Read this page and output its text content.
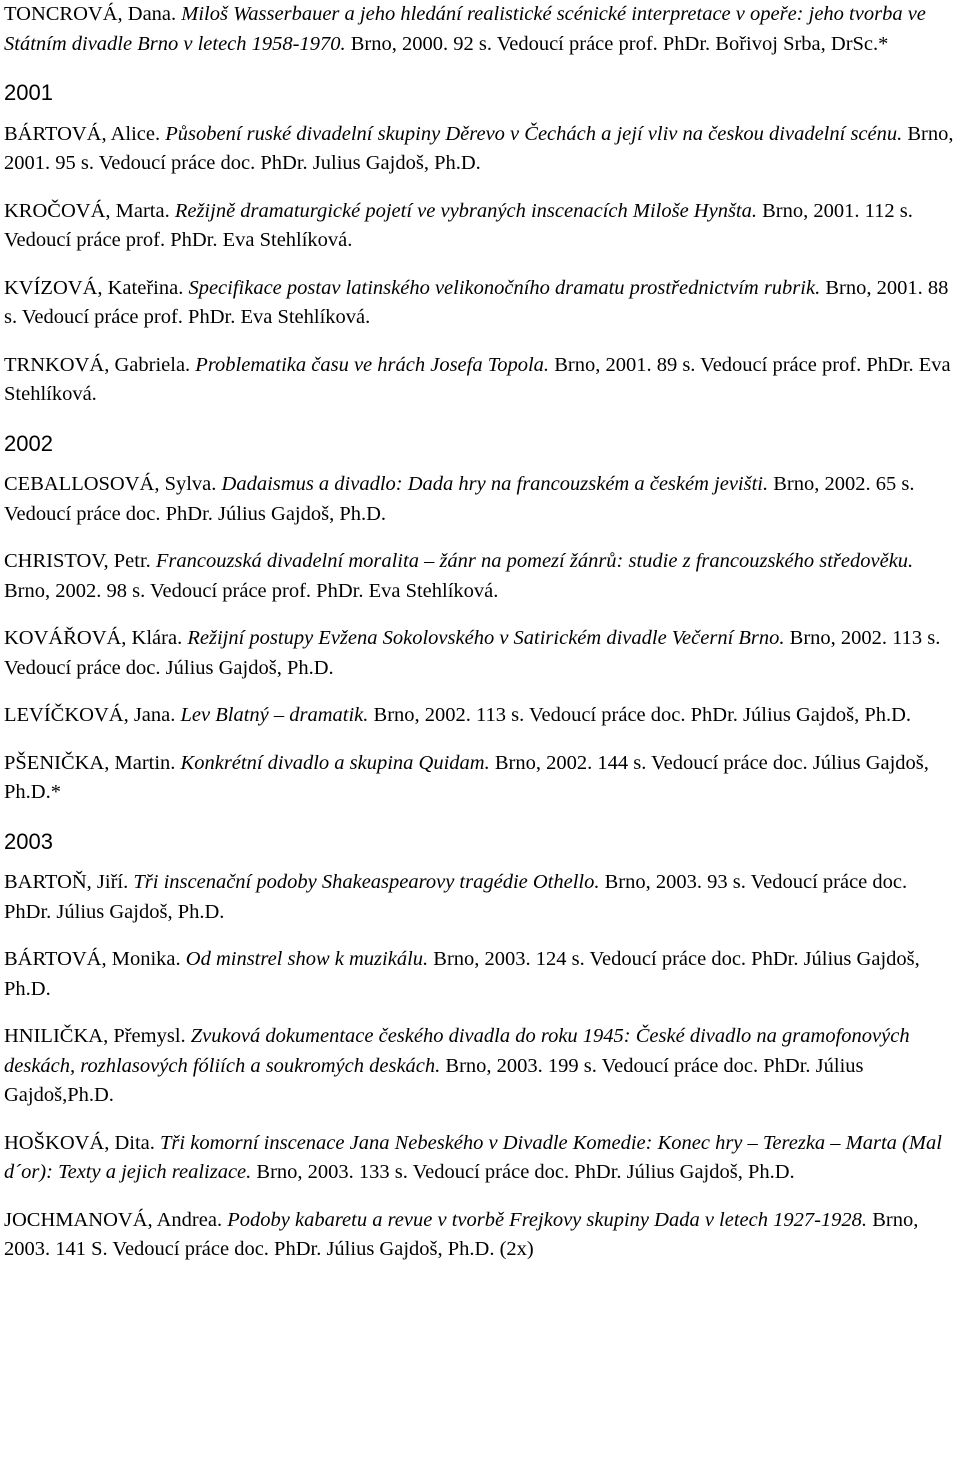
TONCROVÁ, Dana. Miloš Wasserbauer a jeho hledání realistické scénické interpretace v opeře: jeho tvorba ve Státním divadle Brno v letech 1958-1970. Brno, 2000. 92 s. Vedoucí práce prof. PhDr. Bořivoj Srba, DrSc.*

2001

BÁRTOVÁ, Alice. Působení ruské divadelní skupiny Děrevo v Čechách a její vliv na českou divadelní scénu. Brno, 2001. 95 s. Vedoucí práce doc. PhDr. Julius Gajdoš, Ph.D.

KROČOVÁ, Marta. Režijně dramaturgické pojetí ve vybraných inscenacích Miloše Hynšta. Brno, 2001. 112 s. Vedoucí práce prof. PhDr. Eva Stehlíková.

KVÍZOVÁ, Kateřina. Specifikace postav latinského velikonočního dramatu prostřednictvím rubrik. Brno, 2001. 88 s. Vedoucí práce prof. PhDr. Eva Stehlíková.

TRNKOVÁ, Gabriela. Problematika času ve hrách Josefa Topola. Brno, 2001. 89 s. Vedoucí práce prof. PhDr. Eva Stehlíková.

2002

CEBALLOSOVÁ, Sylva. Dadaismus a divadlo: Dada hry na francouzském a českém jevišti. Brno, 2002. 65 s. Vedoucí práce doc. PhDr. Július Gajdoš, Ph.D.

CHRISTOV, Petr. Francouzská divadelní moralita – žánr na pomezí žánrů: studie z francouzského středověku. Brno, 2002. 98 s. Vedoucí práce prof. PhDr. Eva Stehlíková.

KOVÁŘOVÁ, Klára. Režijní postupy Evžena Sokolovského v Satirickém divadle Večerní Brno. Brno, 2002. 113 s. Vedoucí práce doc. Július Gajdoš, Ph.D.

LEVÍČKOVÁ, Jana. Lev Blatný – dramatik. Brno, 2002. 113 s. Vedoucí práce doc. PhDr. Július Gajdoš, Ph.D.

PŠENIČKA, Martin. Konkrétní divadlo a skupina Quidam. Brno, 2002. 144 s. Vedoucí práce doc. Július Gajdoš, Ph.D.*

2003

BARTOŇ, Jiří. Tři inscenační podoby Shakeaspearovy tragédie Othello. Brno, 2003. 93 s. Vedoucí práce doc. PhDr. Július Gajdoš, Ph.D.

BÁRTOVÁ, Monika. Od minstrel show k muzikálu. Brno, 2003. 124 s. Vedoucí práce doc. PhDr. Július Gajdoš, Ph.D.

HNILIČKA, Přemysl. Zvuková dokumentace českého divadla do roku 1945: České divadlo na gramofonových deskách, rozhlasových fóliích a soukromých deskách. Brno, 2003. 199 s. Vedoucí práce doc. PhDr. Július Gajdoš,Ph.D.

HOŠKOVÁ, Dita. Tři komorní inscenace Jana Nebeského v Divadle Komedie: Konec hry – Terezka – Marta (Mal d´or): Texty a jejich realizace. Brno, 2003. 133 s. Vedoucí práce doc. PhDr. Július Gajdoš, Ph.D.

JOCHMANOVÁ, Andrea. Podoby kabaretu a revue v tvorbě Frejkovy skupiny Dada v letech 1927-1928. Brno, 2003. 141 S. Vedoucí práce doc. PhDr. Július Gajdoš, Ph.D. (2x)
